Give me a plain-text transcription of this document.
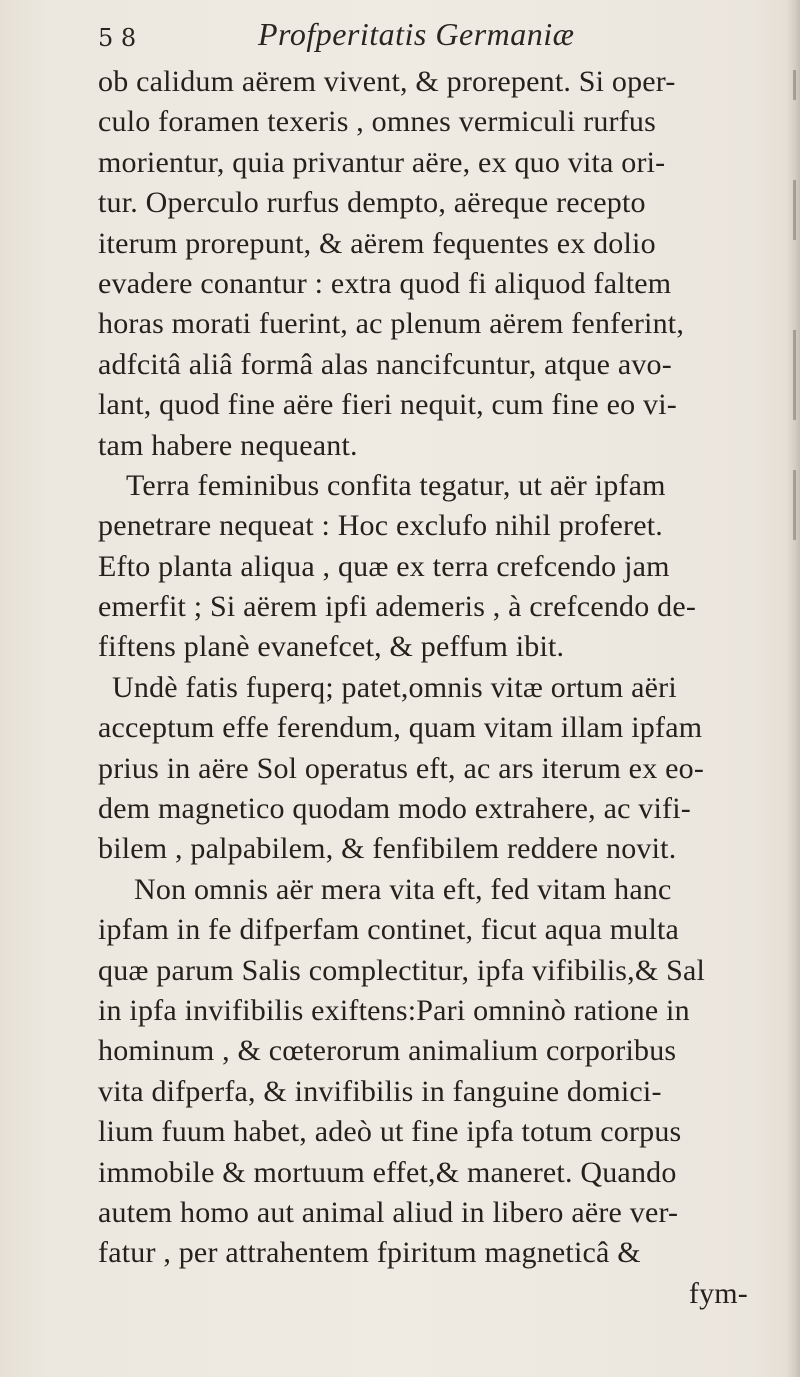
5 8	Profperitatis Germaniæ
ob calidum aërem vivent, & prorepent. Si oper-
culo foramen texeris , omnes vermiculi rurfus
morientur, quia privantur aëre, ex quo vita ori-
tur. Operculo rurfus dempto, aëreque recepto
iterum prorepunt, & aërem fequentes ex dolio
evadere conantur : extra quod fi aliquod faltem
horas morati fuerint, ac plenum aërem fenferint,
adfcitâ aliâ formâ alas nancifcuntur, atque avo-
lant, quod fine aëre fieri nequit, cum fine eo vi-
tam habere nequeant.
Terra feminibus confita tegatur, ut aër ipfam
penetrare nequeat : Hoc exclufo nihil proferet.
Efto planta aliqua , quæ ex terra crefcendo jam
emerfit ; Si aërem ipfi ademeris , à crefcendo de-
fiftens planè evanefcet, & peffum ibit.
Undè fatis fuperq; patet,omnis vitæ ortum aëri
acceptum effe ferendum, quam vitam illam ipfam
prius in aëre Sol operatus eft, ac ars iterum ex eo-
dem magnetico quodam modo extrahere, ac vifi-
bilem , palpabilem, & fenfibilem reddere novit.
Non omnis aër mera vita eft, fed vitam hanc
ipfam in fe difperfam continet, ficut aqua multa
quæ parum Salis complectitur, ipfa vifibilis,& Sal
in ipfa invifibilis exiftens:Pari omninò ratione in
hominum , & cœterorum animalium corporibus
vita difperfa, & invifibilis in fanguine domici-
lium fuum habet, adeò ut fine ipfa totum corpus
immobile & mortuum effet,& maneret. Quando
autem homo aut animal aliud in libero aëre ver-
fatur , per attrahentem fpiritum magneticâ &
fym-
